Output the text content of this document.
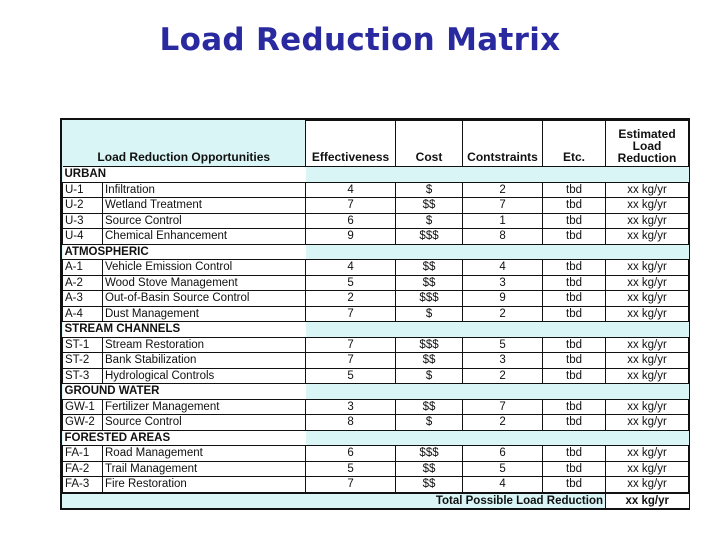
Load Reduction Matrix
Load Reduction Opportunities		Effectiveness	Cost	Contstraints	Etc.	Estimated
Load
Reduction

URBAN						
U-1	Infiltration	4	$	2	tbd	xx kg/yr
U-2	Wetland Treatment	7	$$	7	tbd	xx kg/yr
U-3	Source Control	6	$	1	tbd	xx kg/yr
U-4	Chemical Enhancement	9	$$$	8	tbd	xx kg/yr
ATMOSPHERIC						
A-1	Vehicle Emission Control	4	$$	4	tbd	xx kg/yr
A-2	Wood Stove Management	5	$$	3	tbd	xx kg/yr
A-3	Out-of-Basin Source Control	2	$$$	9	tbd	xx kg/yr
A-4	Dust Management	7	$	2	tbd	xx kg/yr
STREAM CHANNELS						
ST-1	Stream Restoration	7	$$$	5	tbd	xx kg/yr
ST-2	Bank Stabilization	7	$$	3	tbd	xx kg/yr
ST-3	Hydrological Controls	5	$	2	tbd	xx kg/yr
GROUND WATER						
GW-1	Fertilizer Management	3	$$	7	tbd	xx kg/yr
GW-2	Source Control	8	$	2	tbd	xx kg/yr
FORESTED AREAS						
FA-1	Road Management	6	$$$	6	tbd	xx kg/yr
FA-2	Trail Management	5	$$	5	tbd	xx kg/yr
FA-3	Fire Restoration	7	$$	4	tbd	xx kg/yr
Total Possible Load Reduction						xx kg/yr
